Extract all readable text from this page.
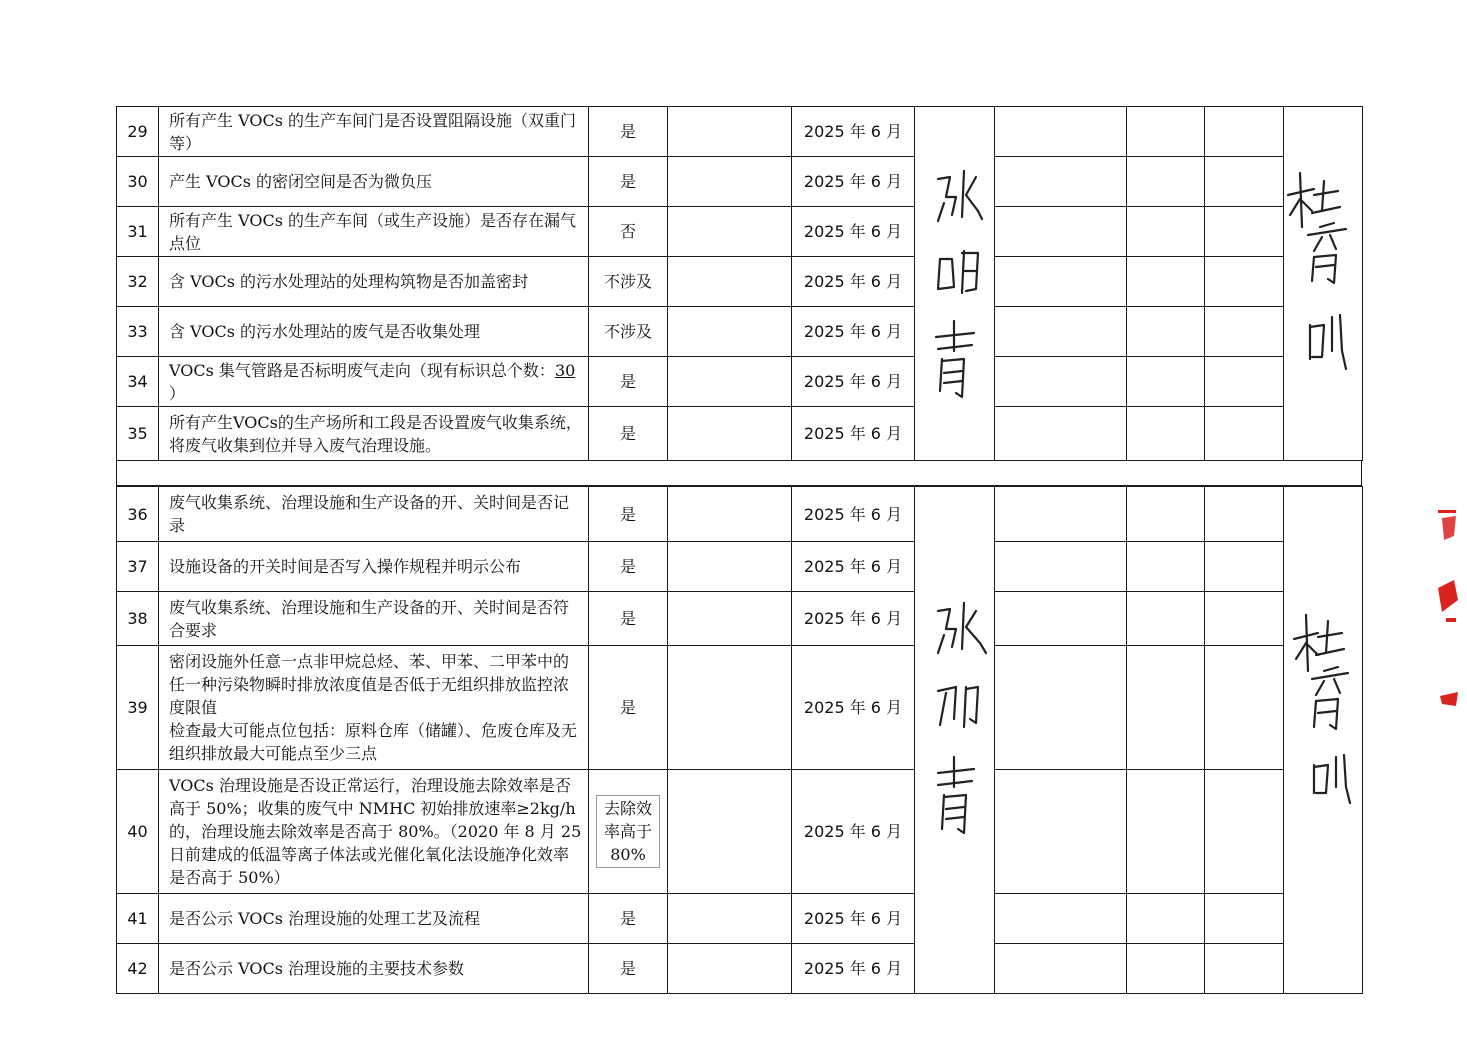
29	所有产生 VOCs 的生产车间门是否设置阻隔设施（双重门等）	是		2025 年 6 月	张明青				杜育明

30	产生 VOCs 的密闭空间是否为微负压	是		2025 年 6 月					
31	所有产生 VOCs 的生产车间（或生产设施）是否存在漏气点位	否		2025 年 6 月					
32	含 VOCs 的污水处理站的处理构筑物是否加盖密封	不涉及		2025 年 6 月					
33	含 VOCs 的污水处理站的废气是否收集处理	不涉及		2025 年 6 月					
34	VOCs 集气管路是否标明废气走向（现有标识总个数：30 ）	是		2025 年 6 月					
35	所有产生VOCs的生产场所和工段是否设置废气收集系统，将废气收集到位并导入废气治理设施。	是		2025 年 6 月					
36	废气收集系统、治理设施和生产设备的开、关时间是否记录	是		2025 年 6 月	张明青				杜育明

37	设施设备的开关时间是否写入操作规程并明示公布	是		2025 年 6 月					
38	废气收集系统、治理设施和生产设备的开、关时间是否符合要求	是		2025 年 6 月					
39	密闭设施外任意一点非甲烷总烃、苯、甲苯、二甲苯中的任一种污染物瞬时排放浓度值是否低于无组织排放监控浓度限值
检查最大可能点位包括：原料仓库（储罐）、危废仓库及无组织排放最大可能点至少三点	是		2025 年 6 月					
40	VOCs 治理设施是否设正常运行，治理设施去除效率是否高于 50%；收集的废气中 NMHC 初始排放速率≥2kg/h 的，治理设施去除效率是否高于 80%。（2020 年 8 月 25 日前建成的低温等离子体法或光催化氧化法设施净化效率是否高于 50%）	去除效率高于80%		2025 年 6 月					
41	是否公示 VOCs 治理设施的处理工艺及流程	是		2025 年 6 月					
42	是否公示 VOCs 治理设施的主要技术参数	是		2025 年 6 月					
